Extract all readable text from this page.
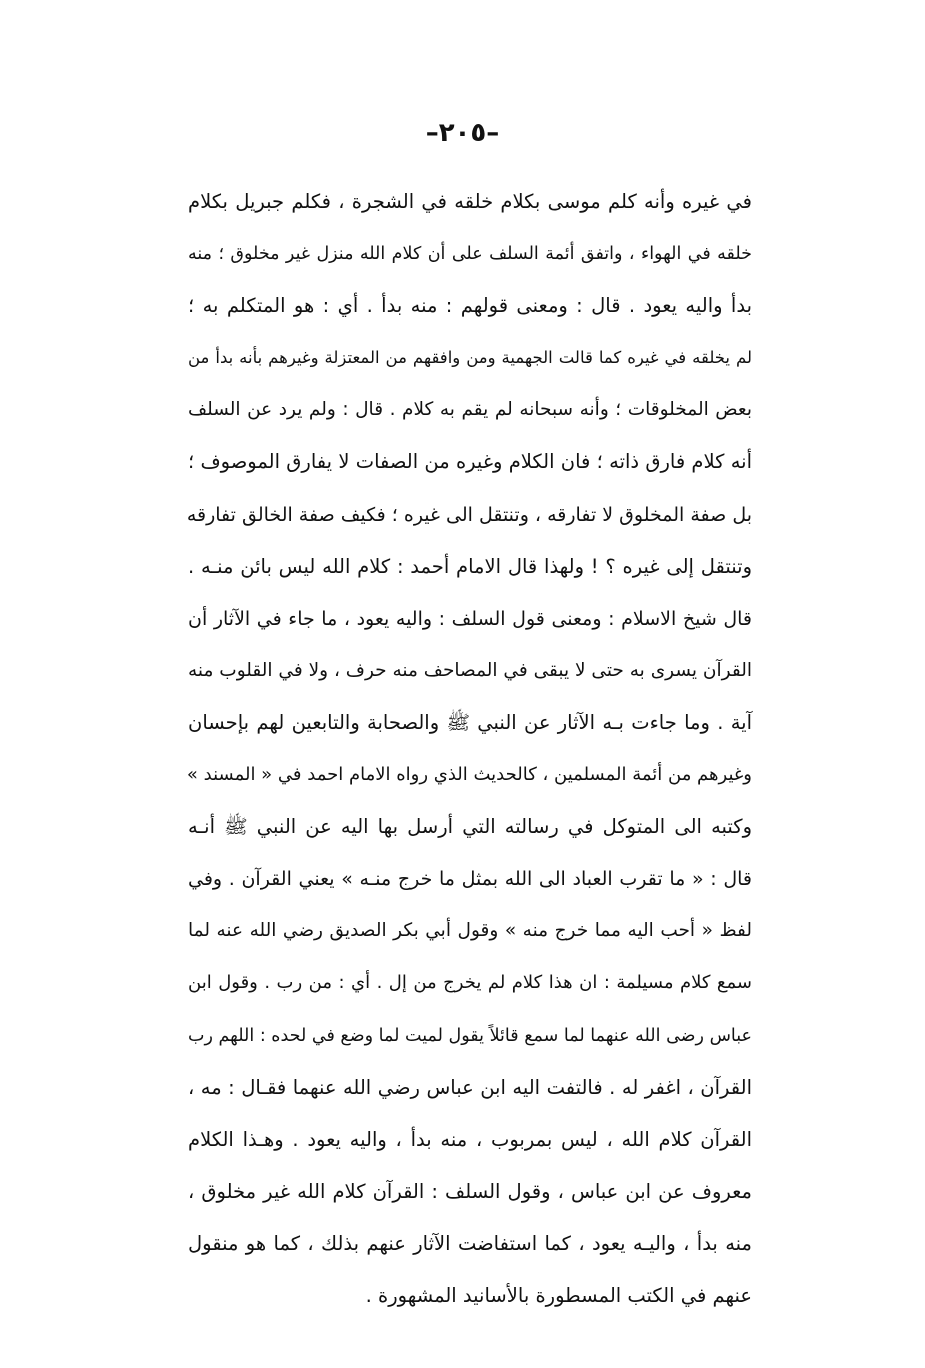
–٢٠٥–
في غيره وأنه كلم موسى بكلام خلقه في الشجرة ، فكلم جبريل بكلام
خلقه في الهواء ، واتفق أئمة السلف على أن كلام الله منزل غير مخلوق ؛ منه
بدأ واليه يعود . قال : ومعنى قولهم : منه بدأ . أي : هو المتكلم به ؛
لم يخلقه في غيره كما قالت الجهمية ومن وافقهم من المعتزلة وغيرهم بأنه بدأ من
بعض المخلوقات ؛ وأنه سبحانه لم يقم به كلام . قال : ولم يرد عن السلف
أنه كلام فارق ذاته ؛ فان الكلام وغيره من الصفات لا يفارق الموصوف ؛
بل صفة المخلوق لا تفارقه ، وتنتقل الى غيره ؛ فكيف صفة الخالق تفارقه
وتنتقل إلى غيره ؟ ! ولهذا قال الامام أحمد : كلام الله ليس بائن منـه .
قال شيخ الاسلام : ومعنى قول السلف : واليه يعود ، ما جاء في الآثار أن
القرآن يسرى به حتى لا يبقى في المصاحف منه حرف ، ولا في القلوب منه
آية . وما جاءت بـه الآثار عن النبي ﷺ والصحابة والتابعين لهم بإحسان
وغيرهم من أئمة المسلمين ، كالحديث الذي رواه الامام احمد في « المسند »
وكتبه الى المتوكل في رسالته التي أرسل بها اليه عن النبي ﷺ أنـه
قال : « ما تقرب العباد الى الله بمثل ما خرج منـه » يعني القرآن . وفي
لفظ « أحب اليه مما خرج منه » وقول أبي بكر الصديق رضي الله عنه لما
سمع كلام مسيلمة : ان هذا كلام لم يخرج من إل . أي : من رب . وقول ابن
عباس رضى الله عنهما لما سمع قائلاً يقول لميت لما وضع في لحده : اللهم رب
القرآن ، اغفر له . فالتفت اليه ابن عباس رضي الله عنهما فقـال : مه ،
القرآن كلام الله ، ليس بمربوب ، منه بدأ ، واليه يعود . وهـذا الكلام
معروف عن ابن عباس ، وقول السلف : القرآن كلام الله غير مخلوق ،
منه بدأ ، واليـه يعود ، كما استفاضت الآثار عنهم بذلك ، كما هو منقول
عنهم في الكتب المسطورة بالأسانيد المشهورة .
